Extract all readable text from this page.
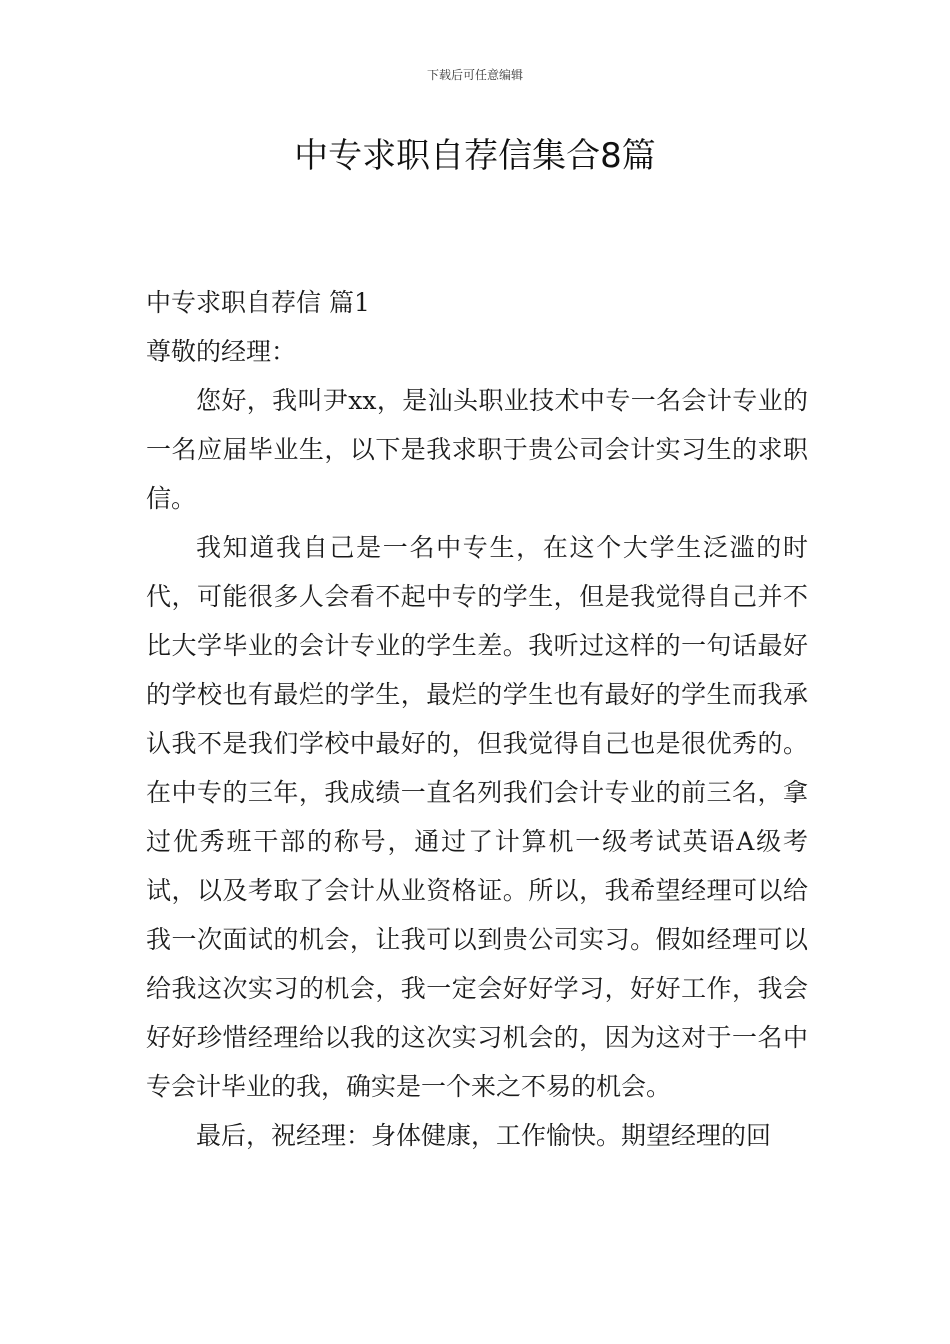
下载后可任意编辑
中专求职自荐信集合8篇

中专求职自荐信 篇1

尊敬的经理：

您好，我叫尹xx，是汕头职业技术中专一名会计专业的一名应届毕业生，以下是我求职于贵公司会计实习生的求职信。

我知道我自己是一名中专生，在这个大学生泛滥的时代，可能很多人会看不起中专的学生，但是我觉得自己并不比大学毕业的会计专业的学生差。我听过这样的一句话最好的学校也有最烂的学生，最烂的学生也有最好的学生而我承认我不是我们学校中最好的，但我觉得自己也是很优秀的。在中专的三年，我成绩一直名列我们会计专业的前三名，拿过优秀班干部的称号，通过了计算机一级考试英语A级考试，以及考取了会计从业资格证。所以，我希望经理可以给我一次面试的机会，让我可以到贵公司实习。假如经理可以给我这次实习的机会，我一定会好好学习，好好工作，我会好好珍惜经理给以我的这次实习机会的，因为这对于一名中专会计毕业的我，确实是一个来之不易的机会。

最后，祝经理：身体健康，工作愉快。期望经理的回
